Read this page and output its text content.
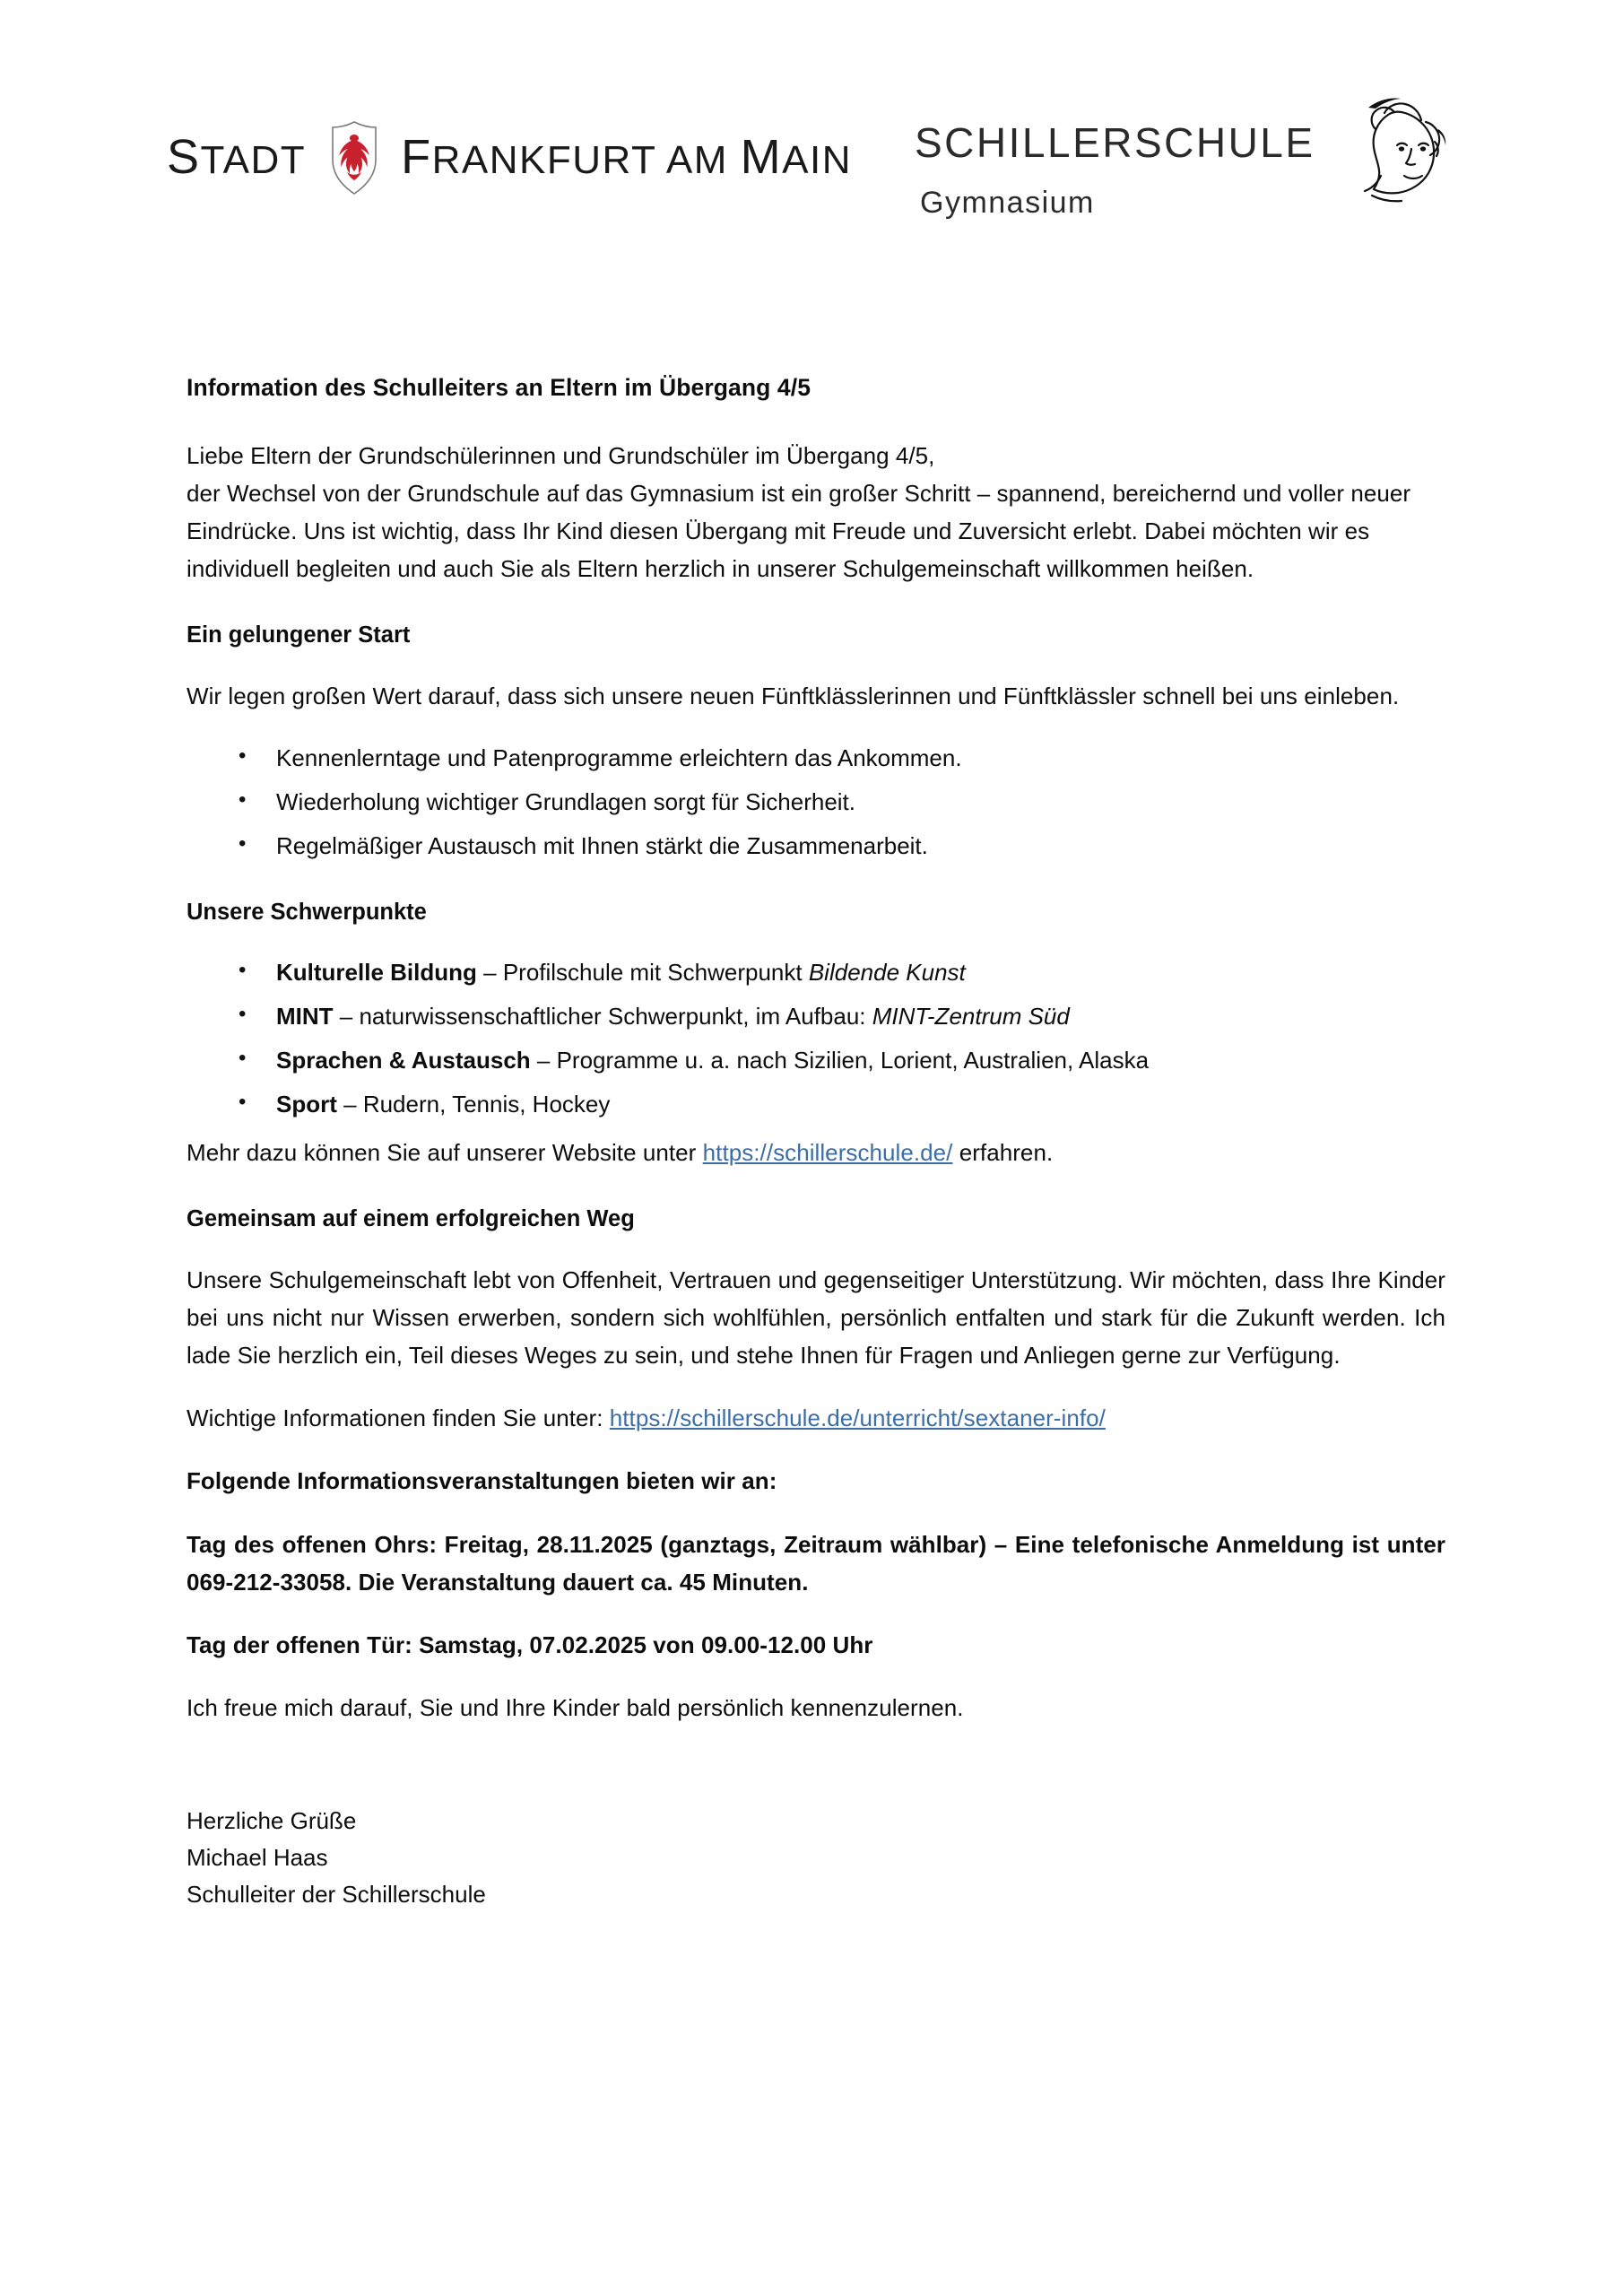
STADT FRANKFURT AM MAIN SCHILLERSCHULE
Gymnasium
Information des Schulleiters an Eltern im Übergang 4/5

Liebe Eltern der Grundschülerinnen und Grundschüler im Übergang 4/5,
der Wechsel von der Grundschule auf das Gymnasium ist ein großer Schritt – spannend, bereichernd und voller neuer Eindrücke. Uns ist wichtig, dass Ihr Kind diesen Übergang mit Freude und Zuversicht erlebt. Dabei möchten wir es individuell begleiten und auch Sie als Eltern herzlich in unserer Schulgemeinschaft willkommen heißen.

Ein gelungener Start

Wir legen großen Wert darauf, dass sich unsere neuen Fünftklässlerinnen und Fünftklässler schnell bei uns einleben.

• Kennenlerntage und Patenprogramme erleichtern das Ankommen.
• Wiederholung wichtiger Grundlagen sorgt für Sicherheit.
• Regelmäßiger Austausch mit Ihnen stärkt die Zusammenarbeit.
Unsere Schwerpunkte
• Kulturelle Bildung – Profilschule mit Schwerpunkt Bildende Kunst
• MINT – naturwissenschaftlicher Schwerpunkt, im Aufbau: MINT-Zentrum Süd
• Sprachen & Austausch – Programme u. a. nach Sizilien, Lorient, Australien, Alaska
• Sport – Rudern, Tennis, Hockey

Mehr dazu können Sie auf unserer Website unter https://schillerschule.de/ erfahren.

Gemeinsam auf einem erfolgreichen Weg

Unsere Schulgemeinschaft lebt von Offenheit, Vertrauen und gegenseitiger Unterstützung. Wir möchten, dass Ihre Kinder bei uns nicht nur Wissen erwerben, sondern sich wohlfühlen, persönlich entfalten und stark für die Zukunft werden. Ich lade Sie herzlich ein, Teil dieses Weges zu sein, und stehe Ihnen für Fragen und Anliegen gerne zur Verfügung.

Wichtige Informationen finden Sie unter: https://schillerschule.de/unterricht/sextaner-info/

Folgende Informationsveranstaltungen bieten wir an:

Tag des offenen Ohrs: Freitag, 28.11.2025 (ganztags, Zeitraum wählbar) – Eine telefonische Anmeldung ist unter 069-212-33058. Die Veranstaltung dauert ca. 45 Minuten.

Tag der offenen Tür: Samstag, 07.02.2025 von 09.00-12.00 Uhr

Ich freue mich darauf, Sie und Ihre Kinder bald persönlich kennenzulernen.

Herzliche Grüße
Michael Haas
Schulleiter der Schillerschule
